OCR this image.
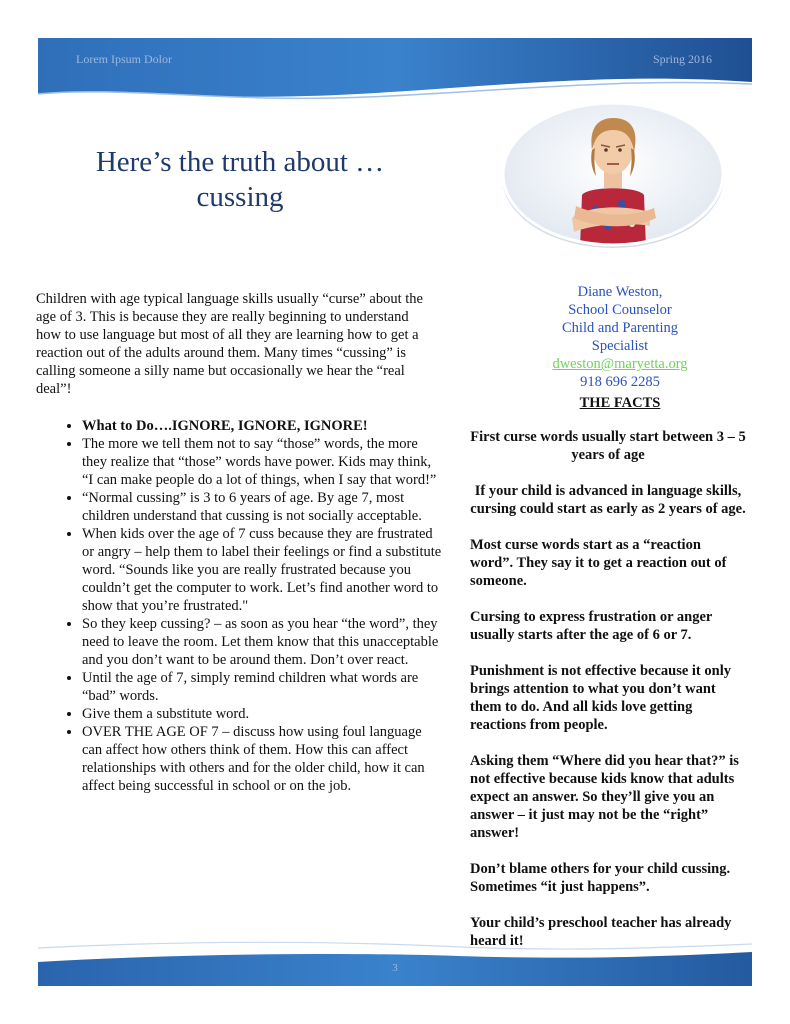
Lorem Ipsum Dolor	Spring 2016
Here’s the truth about …
cussing

Children with age typical language skills usually “curse” about the age of 3. This is because they are really beginning to understand how to use language but most of all they are learning how to get a reaction out of the adults around them. Many times “cussing” is calling someone a silly name but occasionally we hear the “real deal”!

• What to Do….IGNORE, IGNORE, IGNORE!
• The more we tell them not to say “those” words, the more they realize that “those” words have power. Kids may think, “I can make people do a lot of things, when I say that word!”
• “Normal cussing” is 3 to 6 years of age. By age 7, most children understand that cussing is not socially acceptable.
• When kids over the age of 7 cuss because they are frustrated or angry – help them to label their feelings or find a substitute word. “Sounds like you are really frustrated because you couldn’t get the computer to work. Let’s find another word to show that you’re frustrated."
• So they keep cussing? – as soon as you hear “the word”, they need to leave the room. Let them know that this unacceptable and you don’t want to be around them. Don’t over react.
• Until the age of 7, simply remind children what words are “bad” words.
• Give them a substitute word.
• OVER THE AGE OF 7 – discuss how using foul language can affect how others think of them. How this can affect relationships with others and for the older child, how it can affect being successful in school or on the job.
Diane Weston,
School Counselor
Child and Parenting
Specialist
dweston@maryetta.org
918 696 2285
THE FACTS

First curse words usually start between 3 – 5 years of age

If your child is advanced in language skills, cursing could start as early as 2 years of age.

Most curse words start as a “reaction word”. They say it to get a reaction out of someone.

Cursing to express frustration or anger usually starts after the age of 6 or 7.

Punishment is not effective because it only brings attention to what you don’t want them to do. And all kids love getting reactions from people.

Asking them “Where did you hear that?” is not effective because kids know that adults expect an answer. So they’ll give you an answer – it just may not be the “right” answer!

Don’t blame others for your child cussing. Sometimes “it just happens”.

Your child’s preschool teacher has already heard it!

3
